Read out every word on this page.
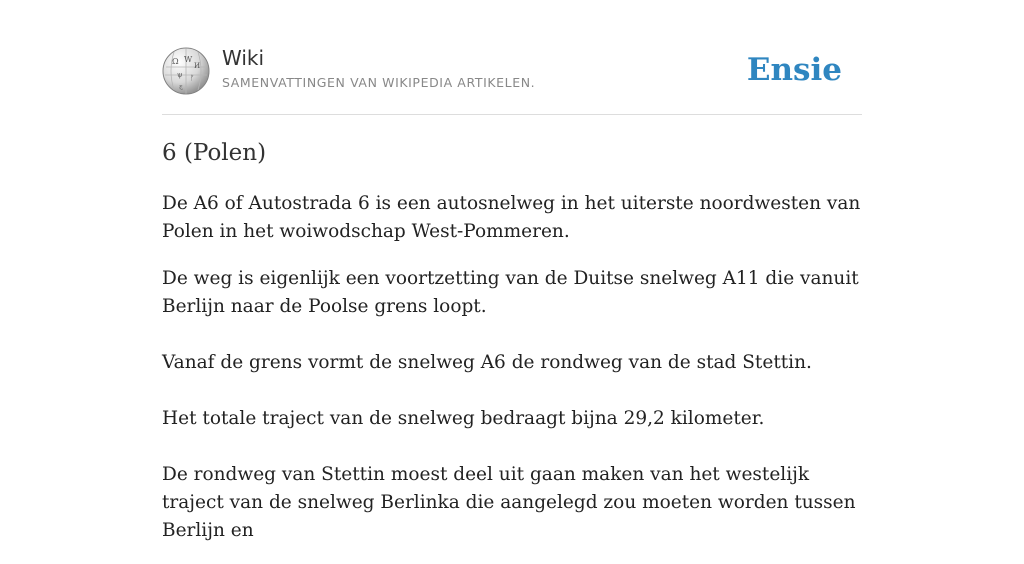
Ω W
И
ψ ᚠ
ج
Wiki
SAMENVATTINGEN VAN WIKIPEDIA ARTIKELEN.	Ensie
6 (Polen)

De A6 of Autostrada 6 is een autosnelweg in het uiterste noordwesten van Polen in het woiwodschap West-Pommeren.

De weg is eigenlijk een voortzetting van de Duitse snelweg A11 die vanuit Berlijn naar de Poolse grens loopt.

Vanaf de grens vormt de snelweg A6 de rondweg van de stad Stettin.

Het totale traject van de snelweg bedraagt bijna 29,2 kilometer.

De rondweg van Stettin moest deel uit gaan maken van het westelijk traject van de snelweg Berlinka die aangelegd zou moeten worden tussen Berlijn en
